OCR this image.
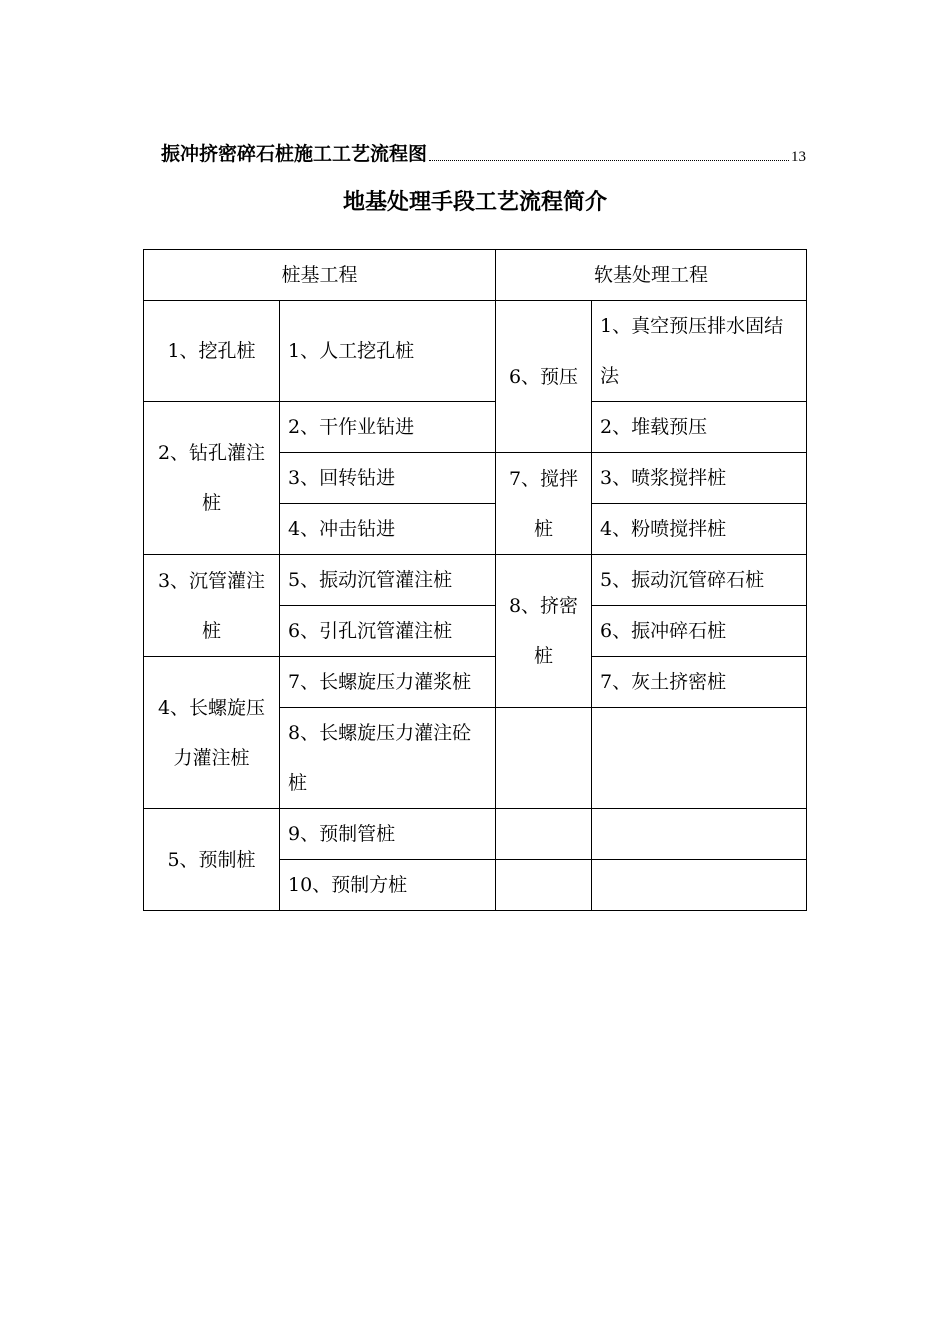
振冲挤密碎石桩施工工艺流程图	13
地基处理手段工艺流程简介
桩基工程		软基处理工程	
1、挖孔桩	1、人工挖孔桩	6、预压	1、真空预压排水固结法

2、钻孔灌注桩	2、干作业钻进		2、堆载预压
	3、回转钻进	7、搅拌桩	3、喷浆搅拌桩
	4、冲击钻进		4、粉喷搅拌桩
3、沉管灌注桩	5、振动沉管灌注桩	8、挤密桩	5、振动沉管碎石桩
	6、引孔沉管灌注桩		6、振冲碎石桩
4、长螺旋压力灌注桩	7、长螺旋压力灌浆桩		7、灰土挤密桩

	8、长螺旋压力灌注砼桩		

5、预制桩	9、预制管桩		
	10、预制方桩		
